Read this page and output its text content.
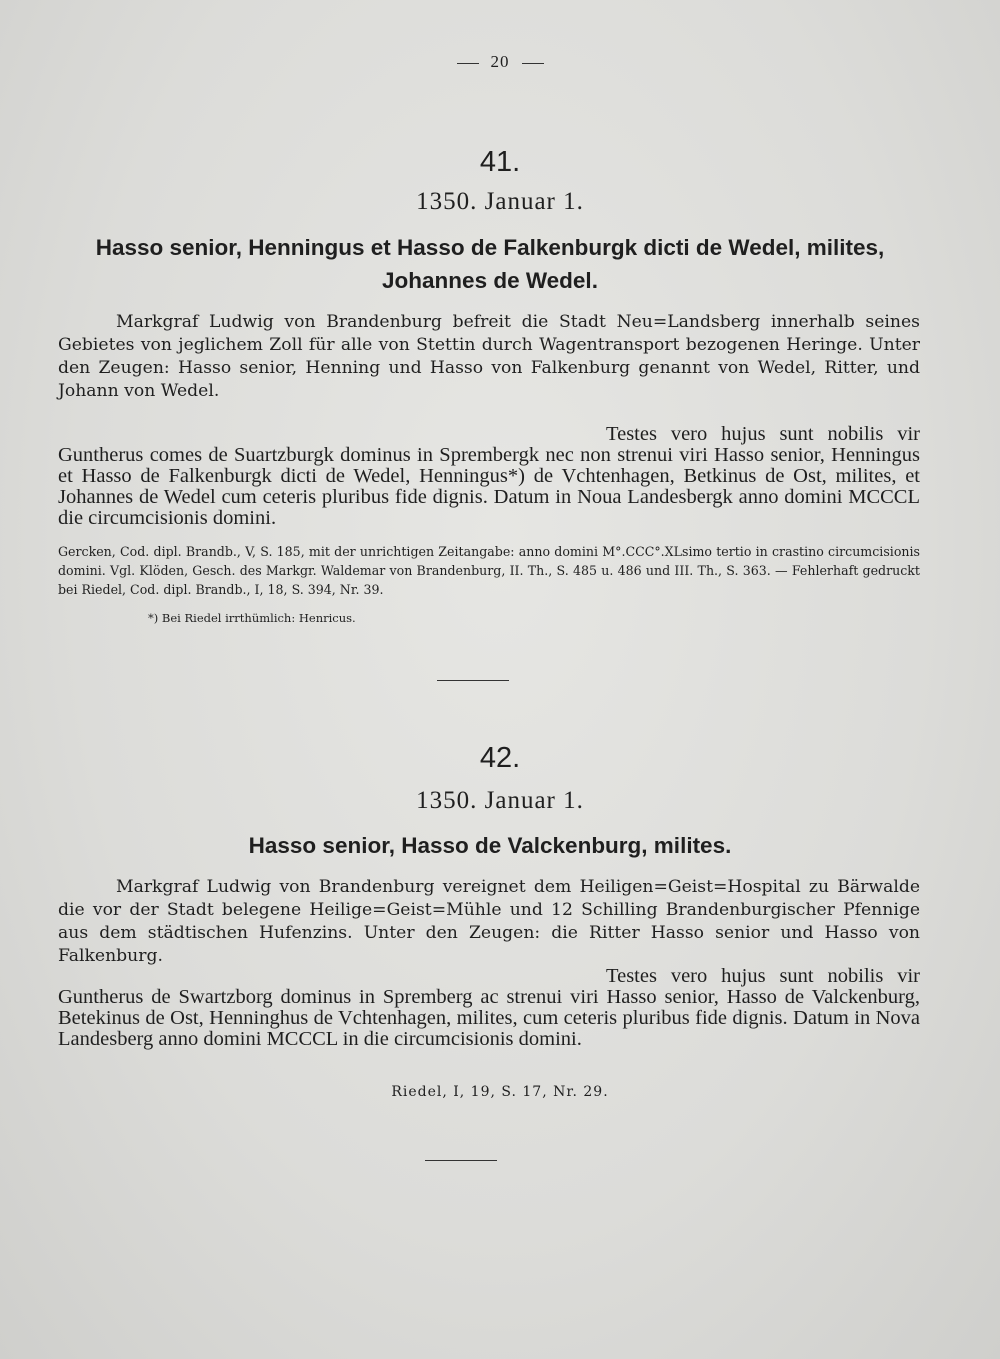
20
41.
1350. Januar 1.
Hasso senior, Henningus et Hasso de Falkenburgk dicti de Wedel, milites,
Johannes de Wedel.

Markgraf Ludwig von Brandenburg befreit die Stadt Neu=Landsberg innerhalb seines Gebietes von jeglichem Zoll für alle von Stettin durch Wagentransport bezogenen Heringe. Unter den Zeugen: Hasso senior, Henning und Hasso von Falkenburg genannt von Wedel, Ritter, und Johann von Wedel.

Testes vero hujus sunt nobilis vir Guntherus comes de Suartzburgk dominus in Sprembergk nec non strenui viri Hasso senior, Henningus et Hasso de Falkenburgk dicti de Wedel, Henningus*) de Vchtenhagen, Betkinus de Ost, milites, et Johannes de Wedel cum ceteris pluribus fide dignis. Datum in Noua Landesbergk anno domini MCCCL die circumcisionis domini.

Gercken, Cod. dipl. Brandb., V, S. 185, mit der unrichtigen Zeitangabe: anno domini M°.CCC°.XLsimo tertio in crastino circumcisionis domini. Vgl. Klöden, Gesch. des Markgr. Waldemar von Brandenburg, II. Th., S. 485 u. 486 und III. Th., S. 363. — Fehlerhaft gedruckt bei Riedel, Cod. dipl. Brandb., I, 18, S. 394, Nr. 39.

*) Bei Riedel irrthümlich: Henricus.
42.
1350. Januar 1.
Hasso senior, Hasso de Valckenburg, milites.

Markgraf Ludwig von Brandenburg vereignet dem Heiligen=Geist=Hospital zu Bärwalde die vor der Stadt belegene Heilige=Geist=Mühle und 12 Schilling Brandenburgischer Pfennige aus dem städtischen Hufenzins. Unter den Zeugen: die Ritter Hasso senior und Hasso von Falkenburg.

Testes vero hujus sunt nobilis vir Guntherus de Swartzborg dominus in Spremberg ac strenui viri Hasso senior, Hasso de Valckenburg, Betekinus de Ost, Henninghus de Vchtenhagen, milites, cum ceteris pluribus fide dignis. Datum in Nova Landesberg anno domini MCCCL in die circumcisionis domini.

Riedel, I, 19, S. 17, Nr. 29.
